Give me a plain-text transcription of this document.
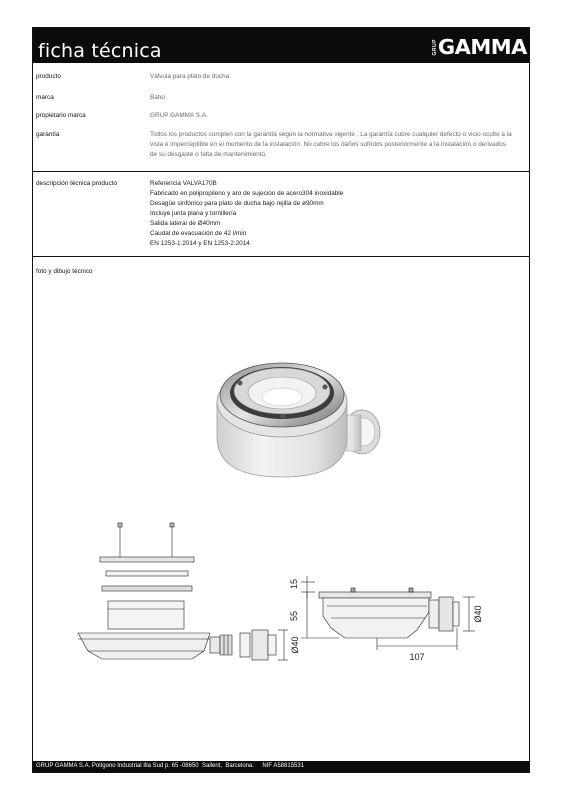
ficha técnica	GRUP GAMMA
producto	Válvula para plato de ducha
marca	Baho
propietario marca	GRUP GAMMA S.A.
garantía	Todos los productos cumplen con la garantía según la normativa vigente . La garantía cubre cualquier defecto o vicio oculto a la
vista e imperceptible en el momento de la instalación. No cubre los daños sufridos posteriormente a la instalación o derivados
de su desgaste o falta de mantenimiento.
descripción técnica producto	Referencia VALVA170B
Fabricado en polipropileno y aro de sujeción de acero304 inoxidable
Desagüe sinfónico para plato de ducha bajo rejilla de ø90mm
Incluye junta plana y tornillería
Salida lateral de Ø40mm
Caudal de evacuación de 42 l/min
EN 1253-1:2014 y EN 1253-2:2014
foto y dibujo técnico
Ø40
15
55
107
Ø40
GRUP GAMMA S.A. Polígono Industrial Illa Sud p. 65 -08650  Sallent,  Barcelona.     NIF A58815531
